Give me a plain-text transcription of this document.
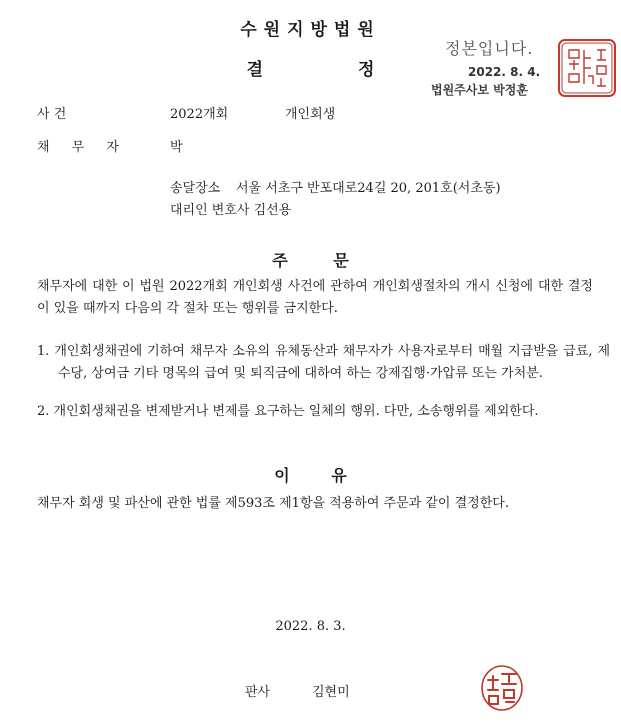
수원지방법원
결	정
정본입니다.
2022. 8. 4.
법원주사보 박정훈
사 건	2022개회	개인회생
채 무 자	박
송달장소 서울 서초구 반포대로24길 20, 201호(서초동)
대리인 변호사 김선용
주 문
채무자에 대한 이 법원 2022개회 개인회생 사건에 관하여 개인회생절차의 개시 신청에 대한 결정이 있을 때까지 다음의 각 절차 또는 행위를 금지한다.
1. 개인회생채권에 기하여 채무자 소유의 유체동산과 채무자가 사용자로부터 매월 지급받을 급료, 제수당, 상여금 기타 명목의 급여 및 퇴직금에 대하여 하는 강제집행·가압류 또는 가처분.
2. 개인회생채권을 변제받거나 변제를 요구하는 일체의 행위. 다만, 소송행위를 제외한다.
이 유
채무자 회생 및 파산에 관한 법률 제593조 제1항을 적용하여 주문과 같이 결정한다.
2022. 8. 3.
판사	김현미
